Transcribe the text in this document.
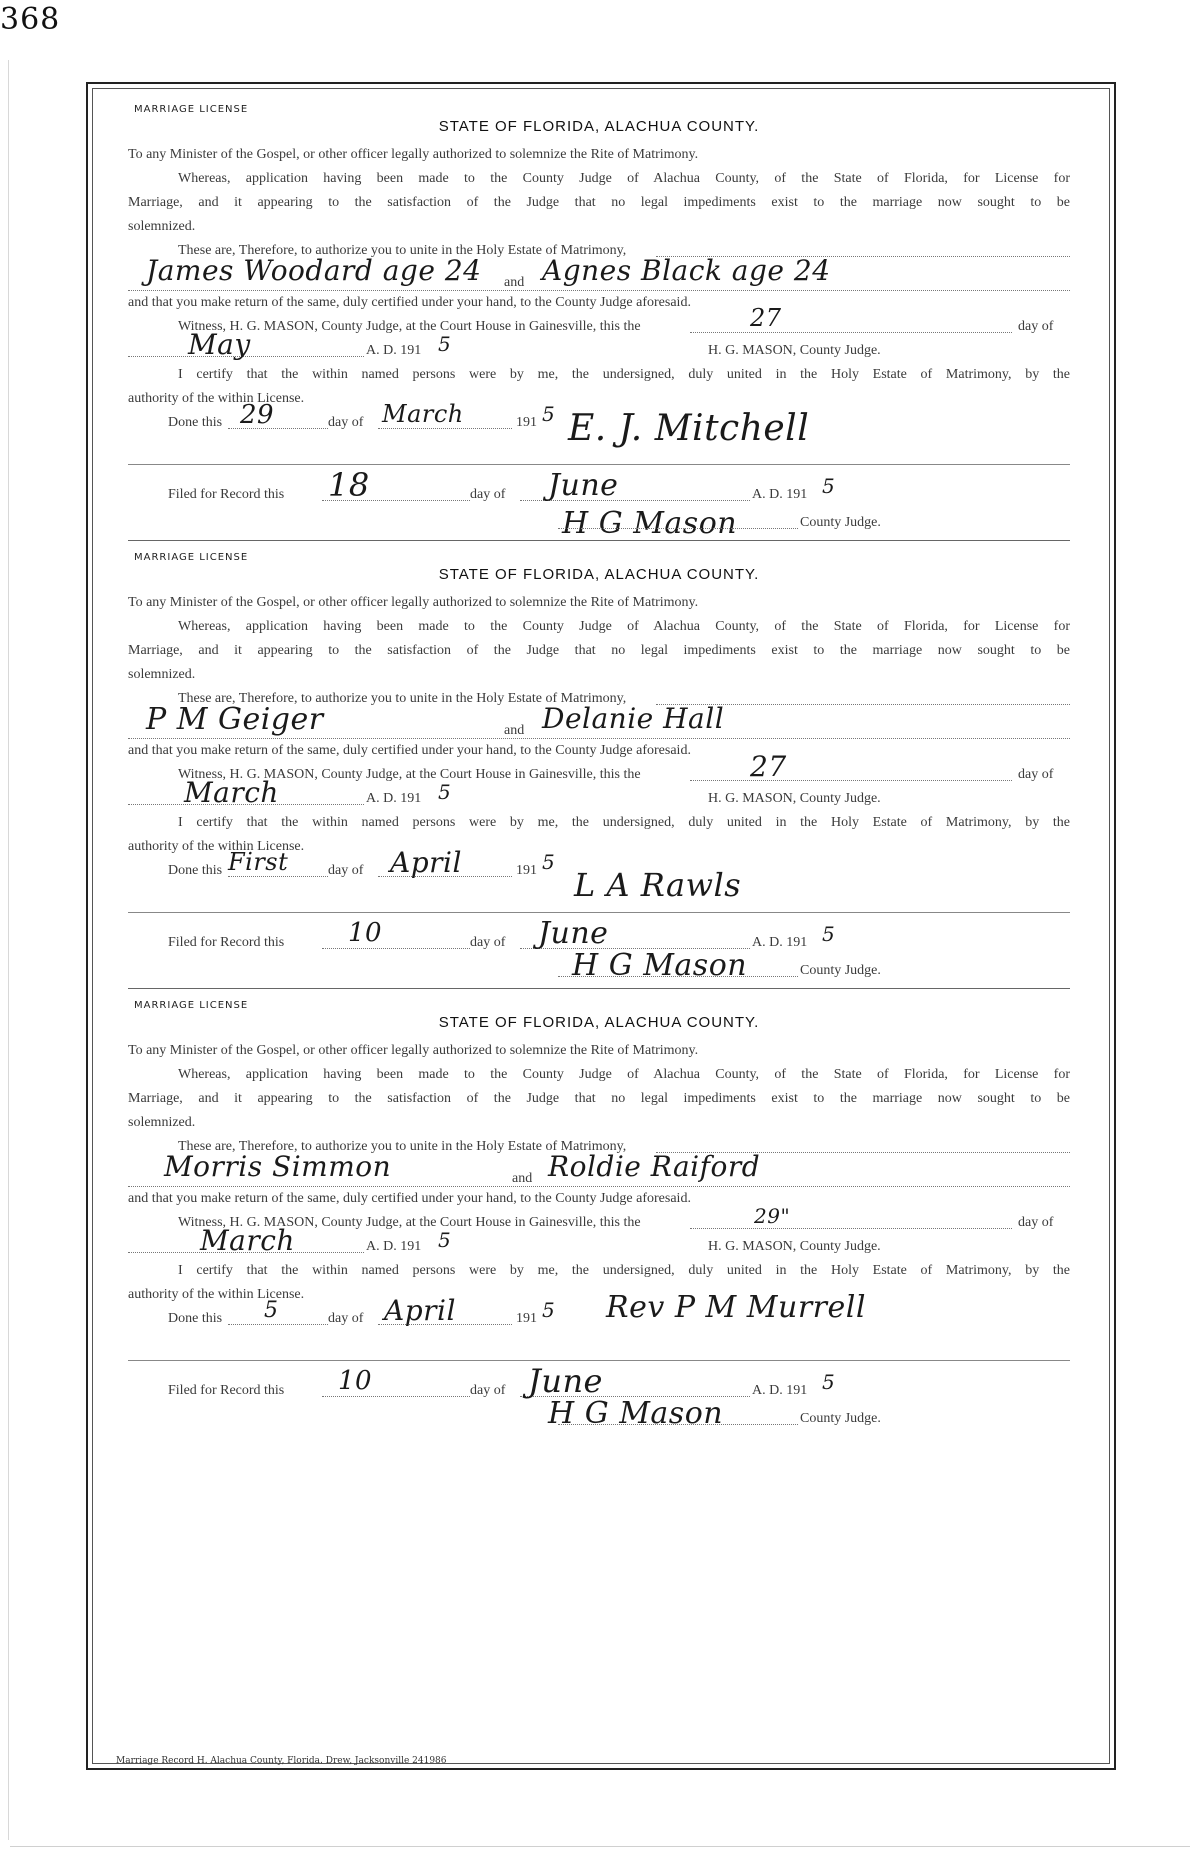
368
MARRIAGE LICENSE
STATE OF FLORIDA, ALACHUA COUNTY.
To any Minister of the Gospel, or other officer legally authorized to solemnize the Rite of Matrimony.
Whereas, application having been made to the County Judge of Alachua County, of the State of Florida, for License for
Marriage, and it appearing to the satisfaction of the Judge that no legal impediments exist to the marriage now sought to be
solemnized.
These are, Therefore, to authorize you to unite in the Holy Estate of Matrimony,
James Woodard age 24 and Agnes Black age 24
and that you make return of the same, duly certified under your hand, to the County Judge aforesaid.
Witness, H. G. MASON, County Judge, at the Court House in Gainesville, this the	27	day of
May	A. D. 191 5	H. G. MASON, County Judge.
I certify that the within named persons were by me, the undersigned, duly united in the Holy Estate of Matrimony, by the
authority of the within License.
Done this 29	day of March	191 5 E. J. Mitchell
Filed for Record this 18	day of June	A. D. 191 5
H G Mason	County Judge.
MARRIAGE LICENSE
STATE OF FLORIDA, ALACHUA COUNTY.
To any Minister of the Gospel, or other officer legally authorized to solemnize the Rite of Matrimony.
Whereas, application having been made to the County Judge of Alachua County, of the State of Florida, for License for
Marriage, and it appearing to the satisfaction of the Judge that no legal impediments exist to the marriage now sought to be
solemnized.
These are, Therefore, to authorize you to unite in the Holy Estate of Matrimony,
P M Geiger	and Delanie Hall
and that you make return of the same, duly certified under your hand, to the County Judge aforesaid.
Witness, H. G. MASON, County Judge, at the Court House in Gainesville, this the	27	day of
March	A. D. 191 5	H. G. MASON, County Judge.
I certify that the within named persons were by me, the undersigned, duly united in the Holy Estate of Matrimony, by the
authority of the within License.
Done this First	day of April	191 5
L A Rawls
Filed for Record this 10	day of June	A. D. 191 5
H G Mason	County Judge.
MARRIAGE LICENSE
STATE OF FLORIDA, ALACHUA COUNTY.
To any Minister of the Gospel, or other officer legally authorized to solemnize the Rite of Matrimony.
Whereas, application having been made to the County Judge of Alachua County, of the State of Florida, for License for
Marriage, and it appearing to the satisfaction of the Judge that no legal impediments exist to the marriage now sought to be
solemnized.
These are, Therefore, to authorize you to unite in the Holy Estate of Matrimony,
Morris Simmon	and Roldie Raiford
and that you make return of the same, duly certified under your hand, to the County Judge aforesaid.
Witness, H. G. MASON, County Judge, at the Court House in Gainesville, this the	29"	day of
March	A. D. 191 5	H. G. MASON, County Judge.
I certify that the within named persons were by me, the undersigned, duly united in the Holy Estate of Matrimony, by the
authority of the within License.
Done this 5	day of April	191 5 Rev P M Murrell
Filed for Record this 10	day of June	A. D. 191 5
H G Mason	County Judge.
Marriage Record H. Alachua County, Florida. Drew, Jacksonville 241986
